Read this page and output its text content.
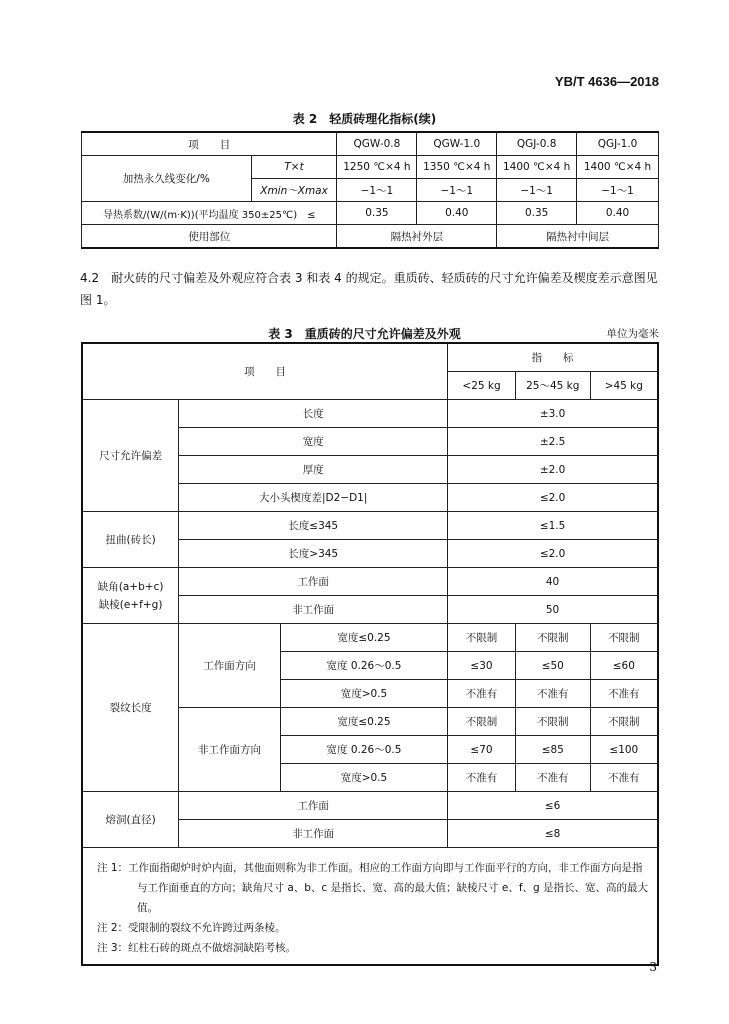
YB/T 4636—2018
表 2　轻质砖理化指标(续)
项　　目		QGW-0.8	QGW-1.0	QGJ-0.8	QGJ-1.0
加热永久线变化/%	T×t	1250 ℃×4 h	1350 ℃×4 h	1400 ℃×4 h	1400 ℃×4 h
	Xmin～Xmax	−1～1	−1～1	−1～1	−1～1
导热系数/(W/(m·K))(平均温度 350±25℃)　≤		0.35	0.40	0.35	0.40
使用部位		隔热衬外层		隔热衬中间层	
4.2　耐火砖的尺寸偏差及外观应符合表 3 和表 4 的规定。重质砖、轻质砖的尺寸允许偏差及楔度差示意图见图 1。
表 3　重质砖的尺寸允许偏差及外观	单位为毫米
项　　目			指　　标		
			<25 kg	25～45 kg	>45 kg
尺寸允许偏差	长度		±3.0		
	宽度		±2.5		
	厚度		±2.0		
	大小头楔度差|D2−D1|		≤2.0		
扭曲(砖长)	长度≤345		≤1.5		
	长度>345		≤2.0		

缺角(a+b+c)
缺棱(e+f+g)	工作面		40		
	非工作面		50		
裂纹长度	工作面方向	宽度≤0.25	不限制	不限制	不限制
		宽度 0.26～0.5	≤30	≤50	≤60
		宽度>0.5	不准有	不准有	不准有
	非工作面方向	宽度≤0.25	不限制	不限制	不限制
		宽度 0.26～0.5	≤70	≤85	≤100
		宽度>0.5	不准有	不准有	不准有
熔洞(直径)	工作面		≤6		
	非工作面		≤8		

注 1：工作面指砌炉时炉内面，其他面则称为非工作面。相应的工作面方向即与工作面平行的方向，非工作面方向是指与工作面垂直的方向；缺角尺寸 a、b、c 是指长、宽、高的最大值；缺棱尺寸 e、f、g 是指长、宽、高的最大值。
注 2：受限制的裂纹不允许跨过两条棱。
注 3：红柱石砖的斑点不做熔洞缺陷考核。					
3
